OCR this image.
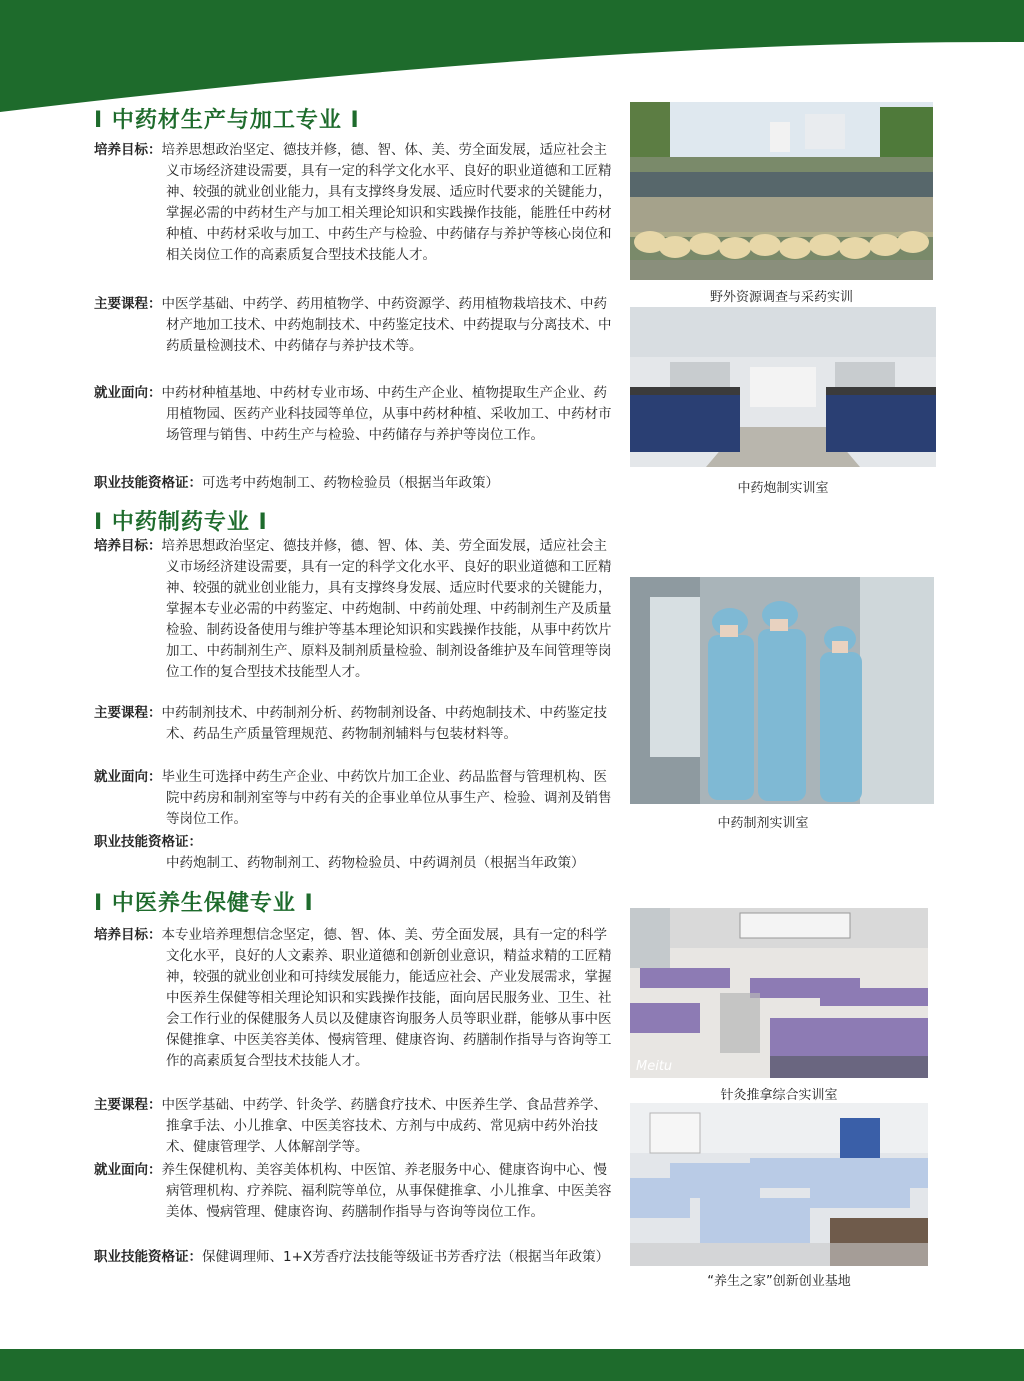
Ⅰ 中药材生产与加工专业 Ⅰ
培养目标：培养思想政治坚定、德技并修，德、智、体、美、劳全面发展，适应社会主义市场经济建设需要，具有一定的科学文化水平、良好的职业道德和工匠精神、较强的就业创业能力，具有支撑终身发展、适应时代要求的关键能力，掌握必需的中药材生产与加工相关理论知识和实践操作技能，能胜任中药材种植、中药材采收与加工、中药生产与检验、中药储存与养护等核心岗位和相关岗位工作的高素质复合型技术技能人才。
主要课程：中医学基础、中药学、药用植物学、中药资源学、药用植物栽培技术、中药材产地加工技术、中药炮制技术、中药鉴定技术、中药提取与分离技术、中药质量检测技术、中药储存与养护技术等。
就业面向：中药材种植基地、中药材专业市场、中药生产企业、植物提取生产企业、药用植物园、医药产业科技园等单位，从事中药材种植、采收加工、中药材市场管理与销售、中药生产与检验、中药储存与养护等岗位工作。
职业技能资格证：可选考中药炮制工、药物检验员（根据当年政策）
Ⅰ 中药制药专业 Ⅰ
培养目标：培养思想政治坚定、德技并修，德、智、体、美、劳全面发展，适应社会主义市场经济建设需要，具有一定的科学文化水平、良好的职业道德和工匠精神、较强的就业创业能力，具有支撑终身发展、适应时代要求的关键能力，掌握本专业必需的中药鉴定、中药炮制、中药前处理、中药制剂生产及质量检验、制药设备使用与维护等基本理论知识和实践操作技能，从事中药饮片加工、中药制剂生产、原料及制剂质量检验、制剂设备维护及车间管理等岗位工作的复合型技术技能型人才。
主要课程：中药制剂技术、中药制剂分析、药物制剂设备、中药炮制技术、中药鉴定技术、药品生产质量管理规范、药物制剂辅料与包装材料等。
就业面向：毕业生可选择中药生产企业、中药饮片加工企业、药品监督与管理机构、医院中药房和制剂室等与中药有关的企事业单位从事生产、检验、调剂及销售等岗位工作。
职业技能资格证：中药炮制工、药物制剂工、药物检验员、中药调剂员（根据当年政策）
Ⅰ 中医养生保健专业 Ⅰ
培养目标：本专业培养理想信念坚定，德、智、体、美、劳全面发展，具有一定的科学文化水平，良好的人文素养、职业道德和创新创业意识，精益求精的工匠精神，较强的就业创业和可持续发展能力，能适应社会、产业发展需求，掌握中医养生保健等相关理论知识和实践操作技能，面向居民服务业、卫生、社会工作行业的保健服务人员以及健康咨询服务人员等职业群，能够从事中医保健推拿、中医美容美体、慢病管理、健康咨询、药膳制作指导与咨询等工作的高素质复合型技术技能人才。
主要课程：中医学基础、中药学、针灸学、药膳食疗技术、中医养生学、食品营养学、推拿手法、小儿推拿、中医美容技术、方剂与中成药、常见病中药外治技术、健康管理学、人体解剖学等。
就业面向：养生保健机构、美容美体机构、中医馆、养老服务中心、健康咨询中心、慢病管理机构、疗养院、福利院等单位，从事保健推拿、小儿推拿、中医美容美体、慢病管理、健康咨询、药膳制作指导与咨询等岗位工作。
职业技能资格证：保健调理师、1+X芳香疗法技能等级证书芳香疗法（根据当年政策）
野外资源调查与采药实训
中药炮制实训室
中药制剂实训室
Meitu
针灸推拿综合实训室
“养生之家”创新创业基地
